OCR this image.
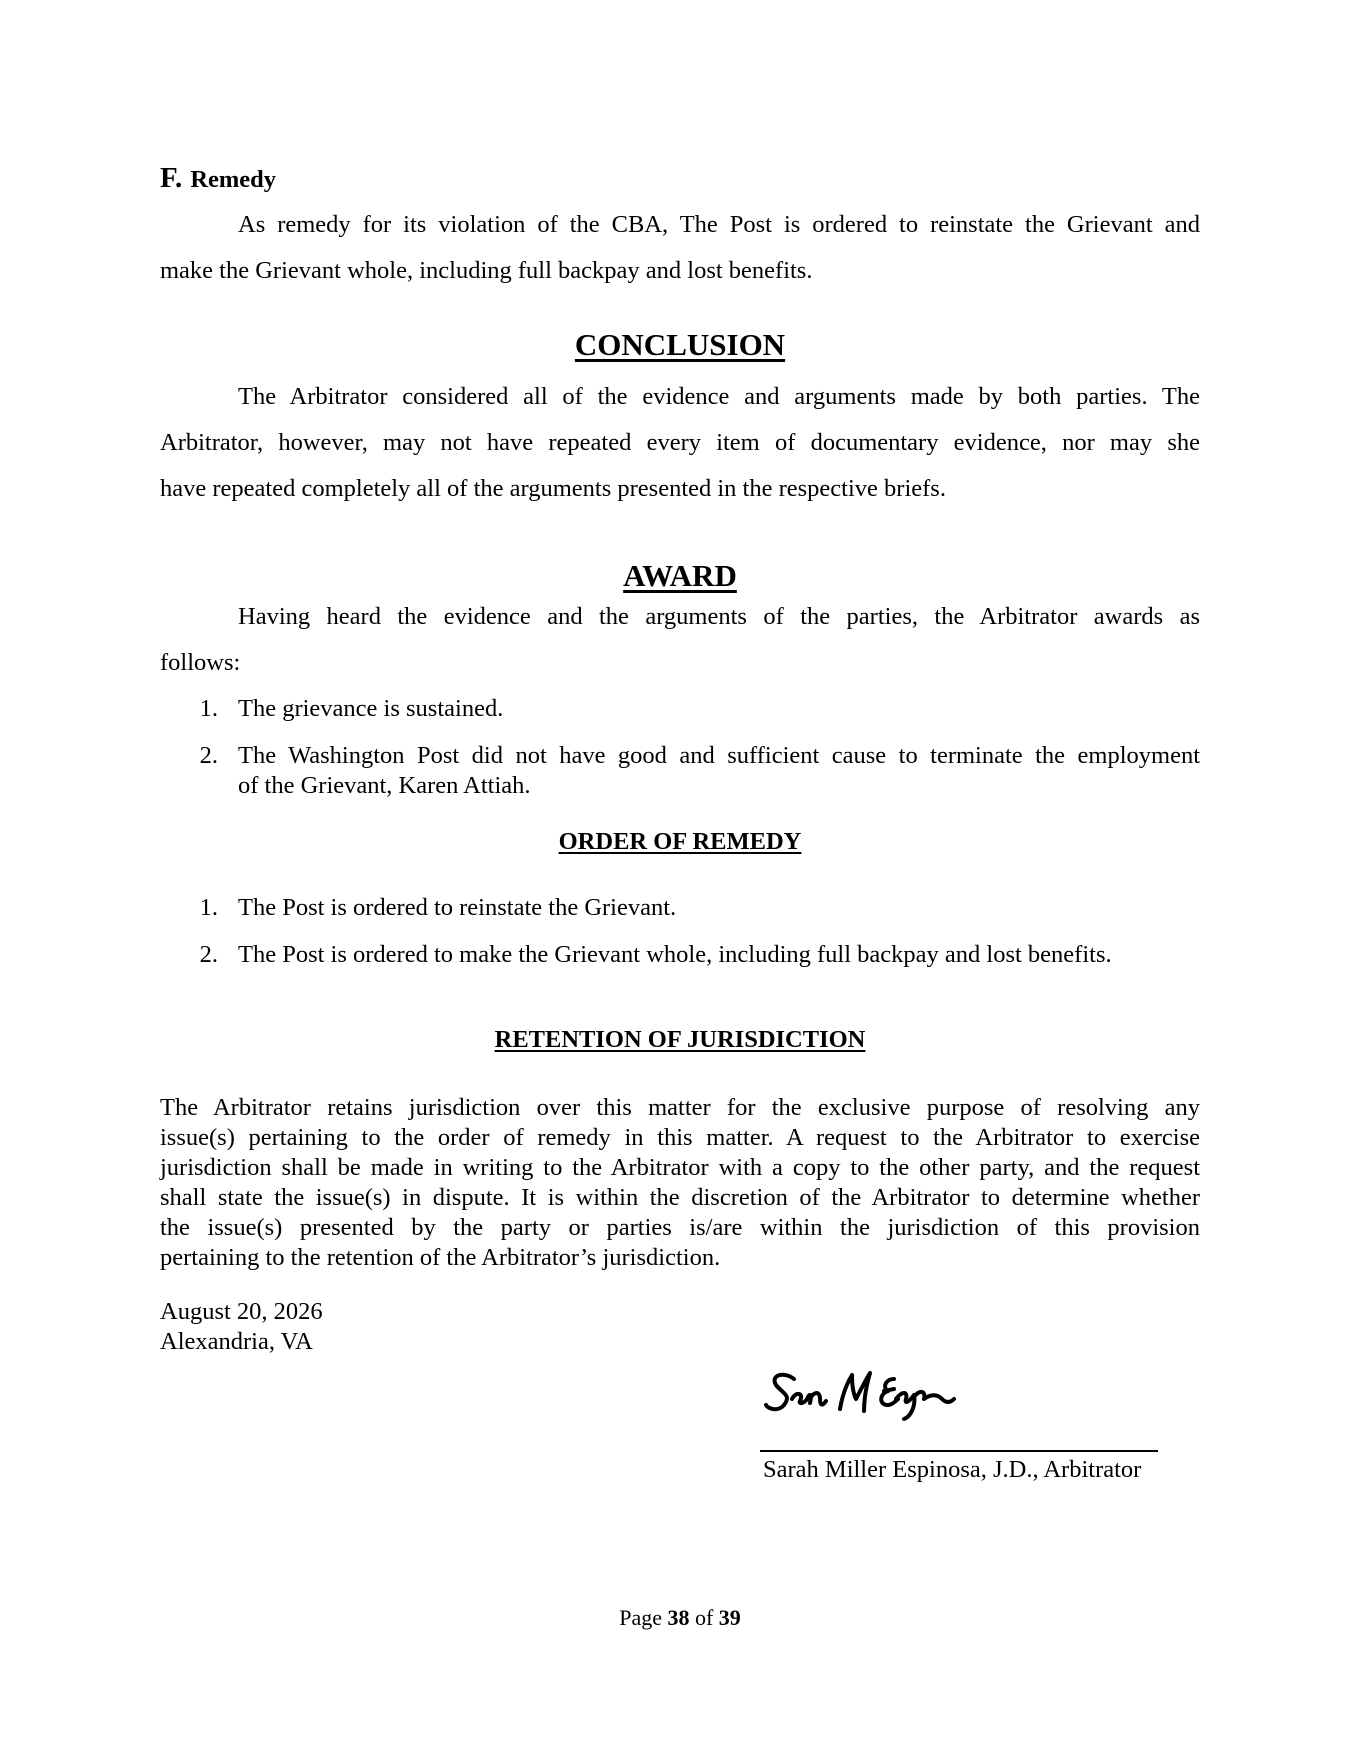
F. Remedy
As remedy for its violation of the CBA, The Post is ordered to reinstate the Grievant and
make the Grievant whole, including full backpay and lost benefits.
CONCLUSION
The Arbitrator considered all of the evidence and arguments made by both parties. The
Arbitrator, however, may not have repeated every item of documentary evidence, nor may she
have repeated completely all of the arguments presented in the respective briefs.
AWARD
Having heard the evidence and the arguments of the parties, the Arbitrator awards as
follows:
1. The grievance is sustained.
2. The Washington Post did not have good and sufficient cause to terminate the employment
of the Grievant, Karen Attiah.
ORDER OF REMEDY
1. The Post is ordered to reinstate the Grievant.
2. The Post is ordered to make the Grievant whole, including full backpay and lost benefits.
RETENTION OF JURISDICTION
The Arbitrator retains jurisdiction over this matter for the exclusive purpose of resolving any
issue(s) pertaining to the order of remedy in this matter. A request to the Arbitrator to exercise
jurisdiction shall be made in writing to the Arbitrator with a copy to the other party, and the request
shall state the issue(s) in dispute. It is within the discretion of the Arbitrator to determine whether
the issue(s) presented by the party or parties is/are within the jurisdiction of this provision
pertaining to the retention of the Arbitrator’s jurisdiction.
August 20, 2026
Alexandria, VA
Sarah Miller Espinosa, J.D., Arbitrator
Page 38 of 39
